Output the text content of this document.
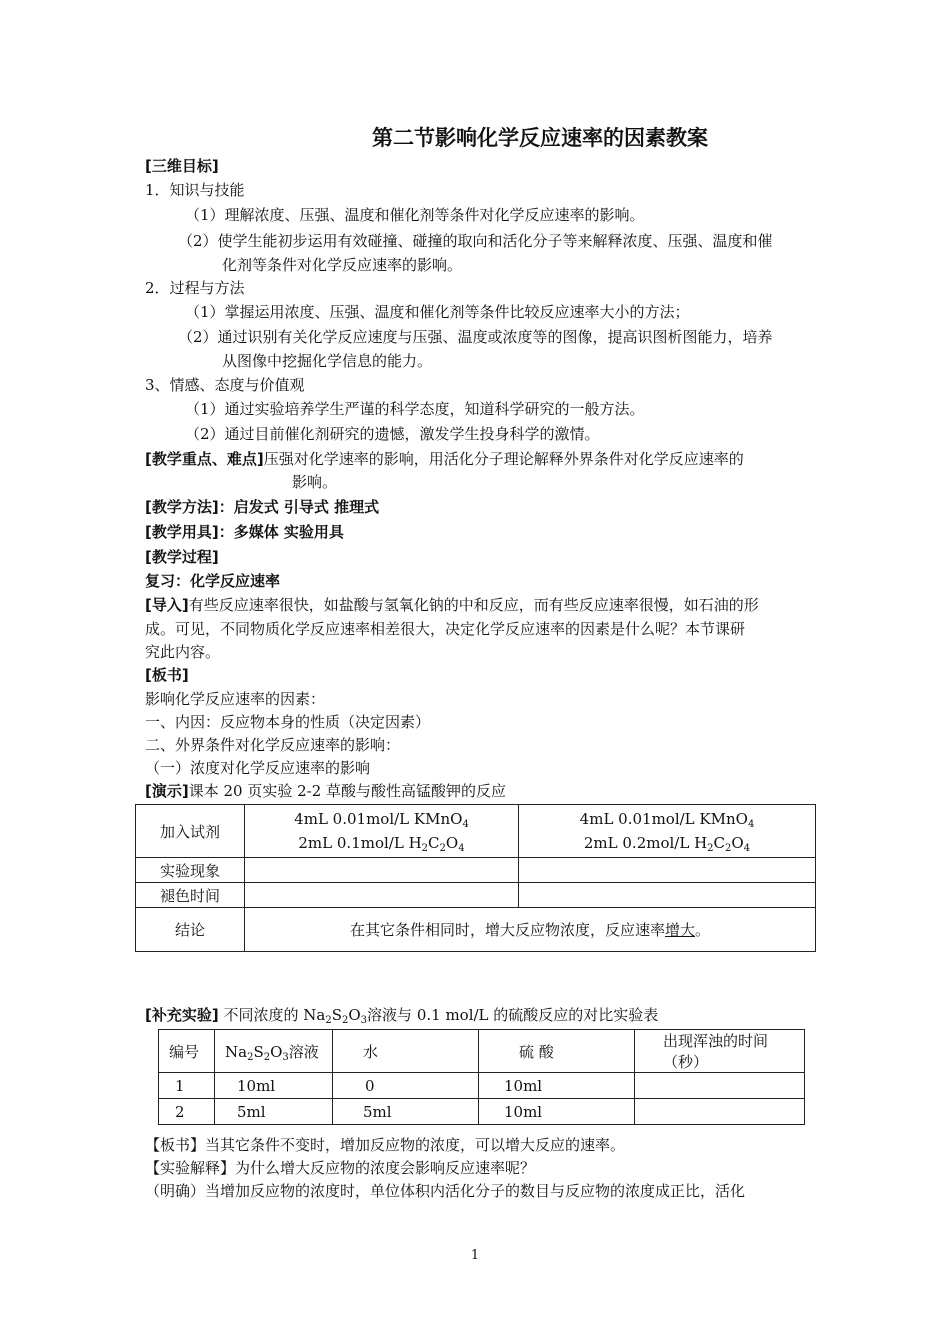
第二节影响化学反应速率的因素教案
[三维目标]
1．知识与技能
（1）理解浓度、压强、温度和催化剂等条件对化学反应速率的影响。
（2）使学生能初步运用有效碰撞、碰撞的取向和活化分子等来解释浓度、压强、温度和催
化剂等条件对化学反应速率的影响。
2．过程与方法
（1）掌握运用浓度、压强、温度和催化剂等条件比较反应速率大小的方法；
（2）通过识别有关化学反应速度与压强、温度或浓度等的图像，提高识图析图能力，培养
从图像中挖掘化学信息的能力。
3、情感、态度与价值观
（1）通过实验培养学生严谨的科学态度，知道科学研究的一般方法。
（2）通过目前催化剂研究的遗憾，激发学生投身科学的激情。
[教学重点、难点]压强对化学速率的影响，用活化分子理论解释外界条件对化学反应速率的
影响。
[教学方法]：启发式 引导式 推理式
[教学用具]：多媒体 实验用具
[教学过程]
复习：化学反应速率
[导入]有些反应速率很快，如盐酸与氢氧化钠的中和反应，而有些反应速率很慢，如石油的形
成。可见，不同物质化学反应速率相差很大，决定化学反应速率的因素是什么呢？本节课研
究此内容。
[板书]
影响化学反应速率的因素：
一、内因：反应物本身的性质（决定因素）
二、外界条件对化学反应速率的影响：
（一）浓度对化学反应速率的影响
[演示]课本 20 页实验 2-2 草酸与酸性高锰酸钾的反应
加入试剂	4mL 0.01mol/L KMnO$_4$
2mL 0.1mol/L $H_2C_2O_4$	4mL 0.01mol/L KMnO$_4$
2mL 0.2mol/L $H_2C_2O_4$
实验现象		
褪色时间		
结论	在其它条件相同时，增大反应物浓度，反应速率增大。	
[补充实验] 不同浓度的 $Na_2S_2O_3$溶液与 0.1 mol/L 的硫酸反应的对比实验表
编号	$Na_2S_2O_3$溶液	水	硫 酸	出现浑浊的时间（秒）
1	10ml	0	10ml	
2	5ml	5ml	10ml	
【板书】当其它条件不变时，增加反应物的浓度，可以增大反应的速率。
【实验解释】为什么增大反应物的浓度会影响反应速率呢？
（明确）当增加反应物的浓度时，单位体积内活化分子的数目与反应物的浓度成正比，活化
1
